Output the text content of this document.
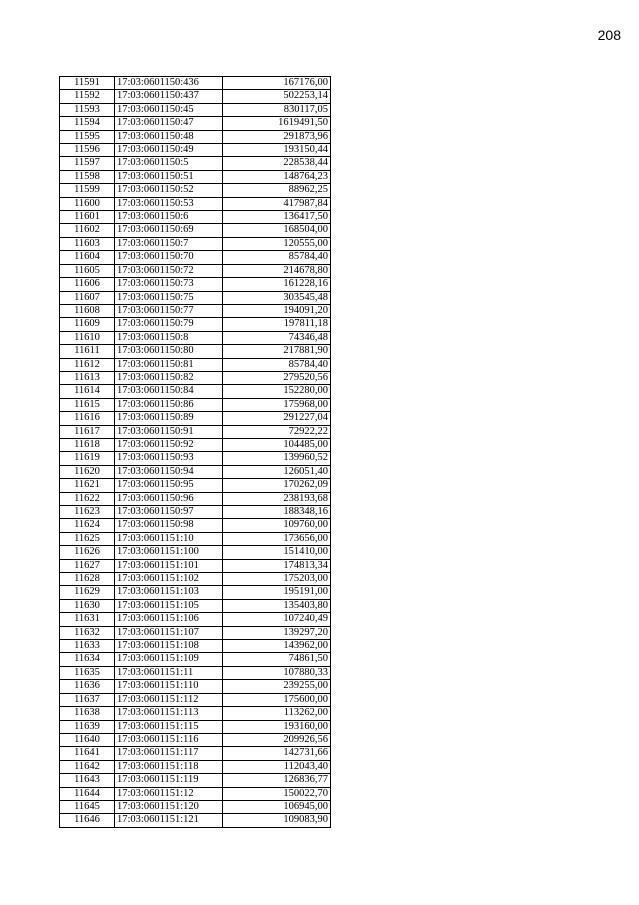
208
11591	17:03:0601150:436	167176,00
11592	17:03:0601150:437	502253,14
11593	17:03:0601150:45	830117,05
11594	17:03:0601150:47	1619491,50
11595	17:03:0601150:48	291873,96
11596	17:03:0601150:49	193150,44
11597	17:03:0601150:5	228538,44
11598	17:03:0601150:51	148764,23
11599	17:03:0601150:52	88962,25
11600	17:03:0601150:53	417987,84
11601	17:03:0601150:6	136417,50
11602	17:03:0601150:69	168504,00
11603	17:03:0601150:7	120555,00
11604	17:03:0601150:70	85784,40
11605	17:03:0601150:72	214678,80
11606	17:03:0601150:73	161228,16
11607	17:03:0601150:75	303545,48
11608	17:03:0601150:77	194091,20
11609	17:03:0601150:79	197811,18
11610	17:03:0601150:8	74346,48
11611	17:03:0601150:80	217881,90
11612	17:03:0601150:81	85784,40
11613	17:03:0601150:82	279520,56
11614	17:03:0601150:84	152280,00
11615	17:03:0601150:86	175968,00
11616	17:03:0601150:89	291227,04
11617	17:03:0601150:91	72922,22
11618	17:03:0601150:92	104485,00
11619	17:03:0601150:93	139960,52
11620	17:03:0601150:94	126051,40
11621	17:03:0601150:95	170262,09
11622	17:03:0601150:96	238193,68
11623	17:03:0601150:97	188348,16
11624	17:03:0601150:98	109760,00
11625	17:03:0601151:10	173656,00
11626	17:03:0601151:100	151410,00
11627	17:03:0601151:101	174813,34
11628	17:03:0601151:102	175203,00
11629	17:03:0601151:103	195191,00
11630	17:03:0601151:105	135403,80
11631	17:03:0601151:106	107240,49
11632	17:03:0601151:107	139297,20
11633	17:03:0601151:108	143962,00
11634	17:03:0601151:109	74861,50
11635	17:03:0601151:11	107880,33
11636	17:03:0601151:110	239255,00
11637	17:03:0601151:112	175600,00
11638	17:03:0601151:113	113262,00
11639	17:03:0601151:115	193160,00
11640	17:03:0601151:116	209926,56
11641	17:03:0601151:117	142731,66
11642	17:03:0601151:118	112043,40
11643	17:03:0601151:119	126836,77
11644	17:03:0601151:12	150022,70
11645	17:03:0601151:120	106945,00
11646	17:03:0601151:121	109083,90
